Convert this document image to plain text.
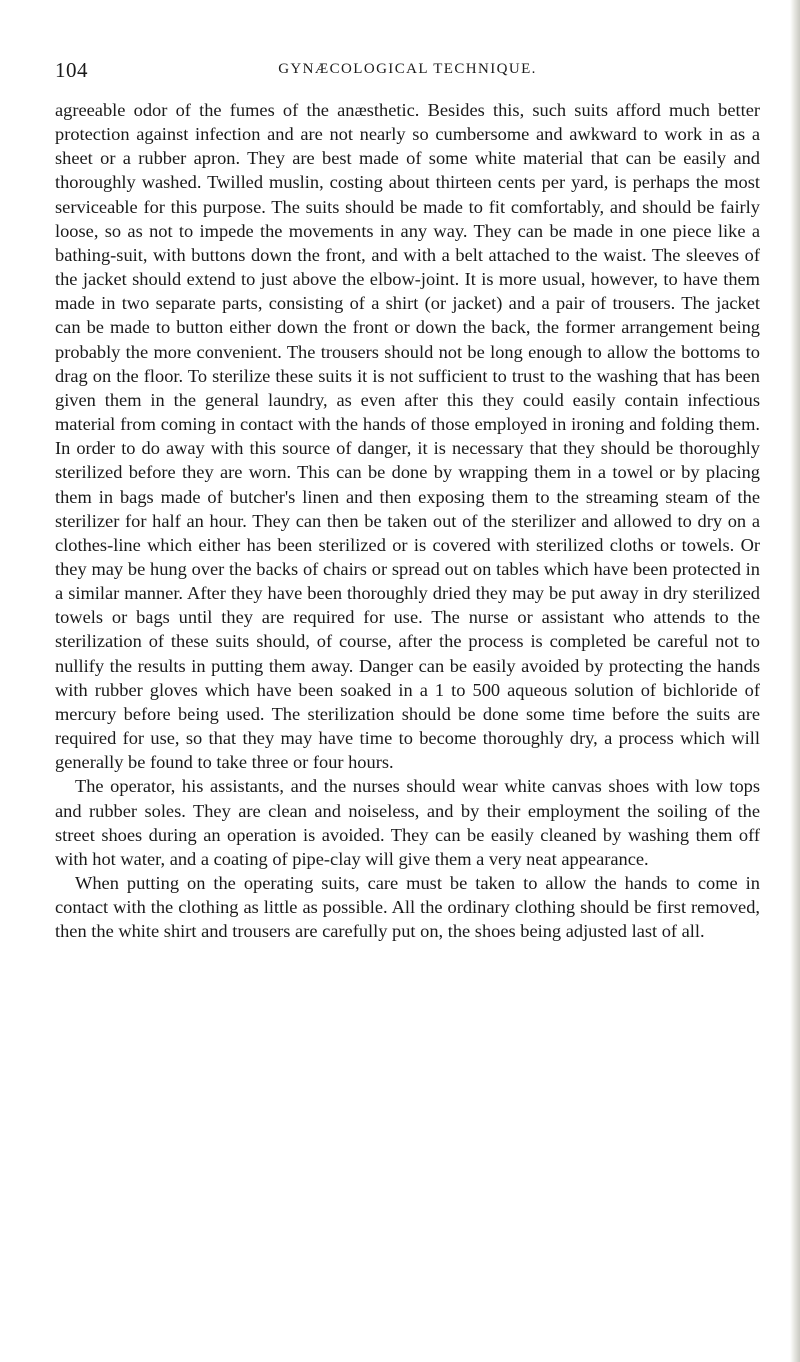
104	GYNÆCOLOGICAL TECHNIQUE.

agreeable odor of the fumes of the anæsthetic. Besides this, such suits afford much better protection against infection and are not nearly so cumbersome and awkward to work in as a sheet or a rubber apron. They are best made of some white material that can be easily and thoroughly washed. Twilled muslin, costing about thirteen cents per yard, is perhaps the most serviceable for this purpose. The suits should be made to fit comfortably, and should be fairly loose, so as not to impede the movements in any way. They can be made in one piece like a bathing-suit, with buttons down the front, and with a belt attached to the waist. The sleeves of the jacket should extend to just above the elbow-joint. It is more usual, however, to have them made in two separate parts, consisting of a shirt (or jacket) and a pair of trousers. The jacket can be made to button either down the front or down the back, the former arrangement being probably the more convenient. The trousers should not be long enough to allow the bottoms to drag on the floor. To sterilize these suits it is not sufficient to trust to the washing that has been given them in the general laundry, as even after this they could easily contain infectious material from coming in contact with the hands of those employed in ironing and folding them. In order to do away with this source of danger, it is necessary that they should be thoroughly sterilized before they are worn. This can be done by wrapping them in a towel or by placing them in bags made of butcher's linen and then exposing them to the streaming steam of the sterilizer for half an hour. They can then be taken out of the sterilizer and allowed to dry on a clothes-line which either has been sterilized or is covered with sterilized cloths or towels. Or they may be hung over the backs of chairs or spread out on tables which have been protected in a similar manner. After they have been thoroughly dried they may be put away in dry sterilized towels or bags until they are required for use. The nurse or assistant who attends to the sterilization of these suits should, of course, after the process is completed be careful not to nullify the results in putting them away. Danger can be easily avoided by protecting the hands with rubber gloves which have been soaked in a 1 to 500 aqueous solution of bichloride of mercury before being used. The sterilization should be done some time before the suits are required for use, so that they may have time to become thoroughly dry, a process which will generally be found to take three or four hours.

The operator, his assistants, and the nurses should wear white canvas shoes with low tops and rubber soles. They are clean and noiseless, and by their employment the soiling of the street shoes during an operation is avoided. They can be easily cleaned by washing them off with hot water, and a coating of pipe-clay will give them a very neat appearance.

When putting on the operating suits, care must be taken to allow the hands to come in contact with the clothing as little as possible. All the ordinary clothing should be first removed, then the white shirt and trousers are carefully put on, the shoes being adjusted last of all.
